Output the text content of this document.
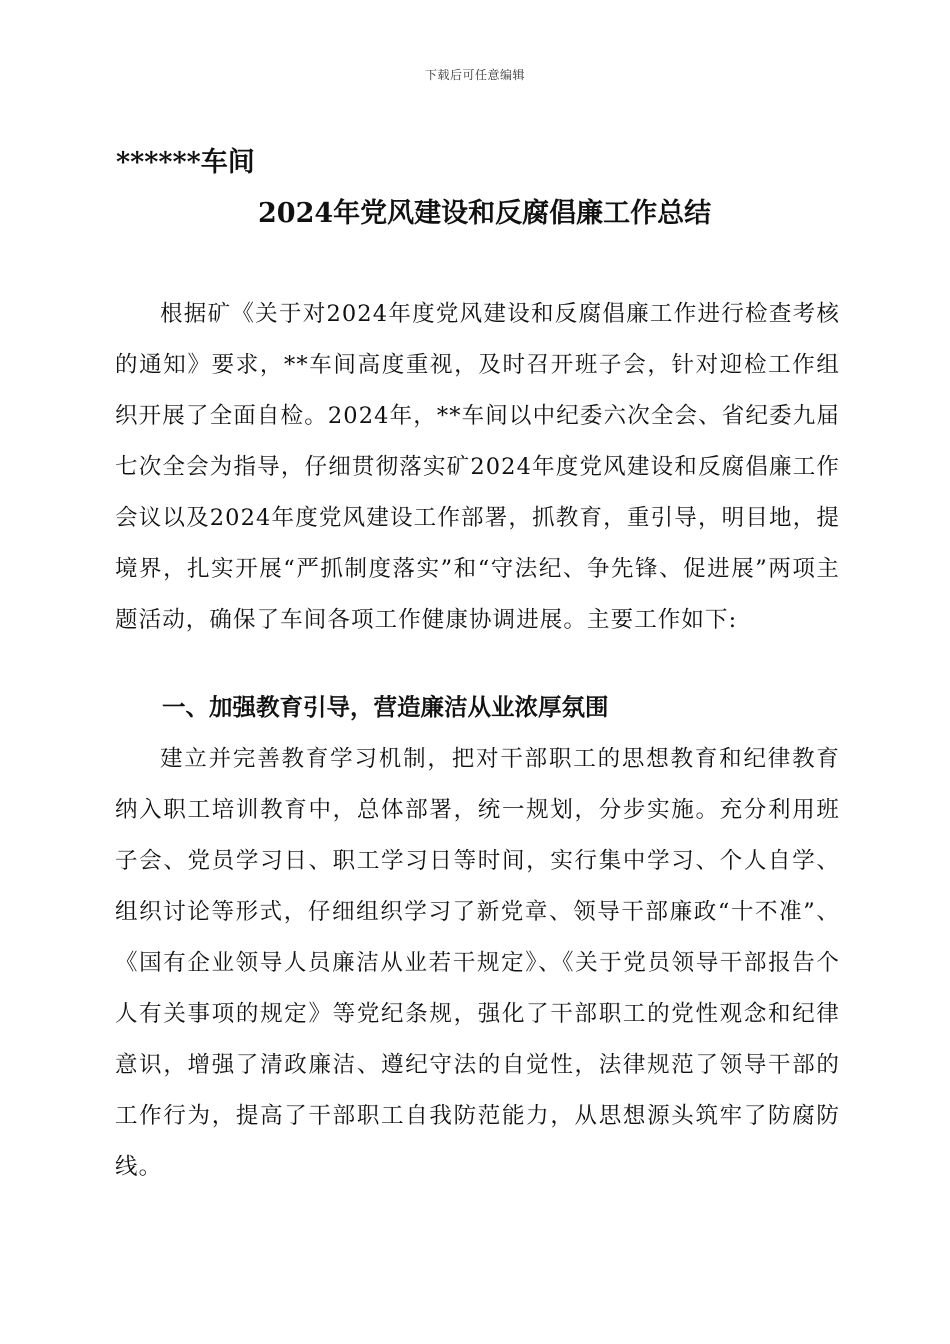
下载后可任意编辑
******车间
2024年党风建设和反腐倡廉工作总结
根据矿《关于对2024年度党风建设和反腐倡廉工作进行检查考核的通知》要求，**车间高度重视，及时召开班子会，针对迎检工作组织开展了全面自检。2024年，**车间以中纪委六次全会、省纪委九届七次全会为指导，仔细贯彻落实矿2024年度党风建设和反腐倡廉工作会议以及2024年度党风建设工作部署，抓教育，重引导，明目地，提境界，扎实开展“严抓制度落实”和“守法纪、争先锋、促进展”两项主题活动，确保了车间各项工作健康协调进展。主要工作如下:
一、加强教育引导，营造廉洁从业浓厚氛围
建立并完善教育学习机制，把对干部职工的思想教育和纪律教育纳入职工培训教育中，总体部署，统一规划，分步实施。充分利用班子会、党员学习日、职工学习日等时间，实行集中学习、个人自学、组织讨论等形式，仔细组织学习了新党章、领导干部廉政“十不准”、《国有企业领导人员廉洁从业若干规定》、《关于党员领导干部报告个人有关事项的规定》等党纪条规，强化了干部职工的党性观念和纪律意识，增强了清政廉洁、遵纪守法的自觉性，法律规范了领导干部的工作行为，提高了干部职工自我防范能力，从思想源头筑牢了防腐防线。
